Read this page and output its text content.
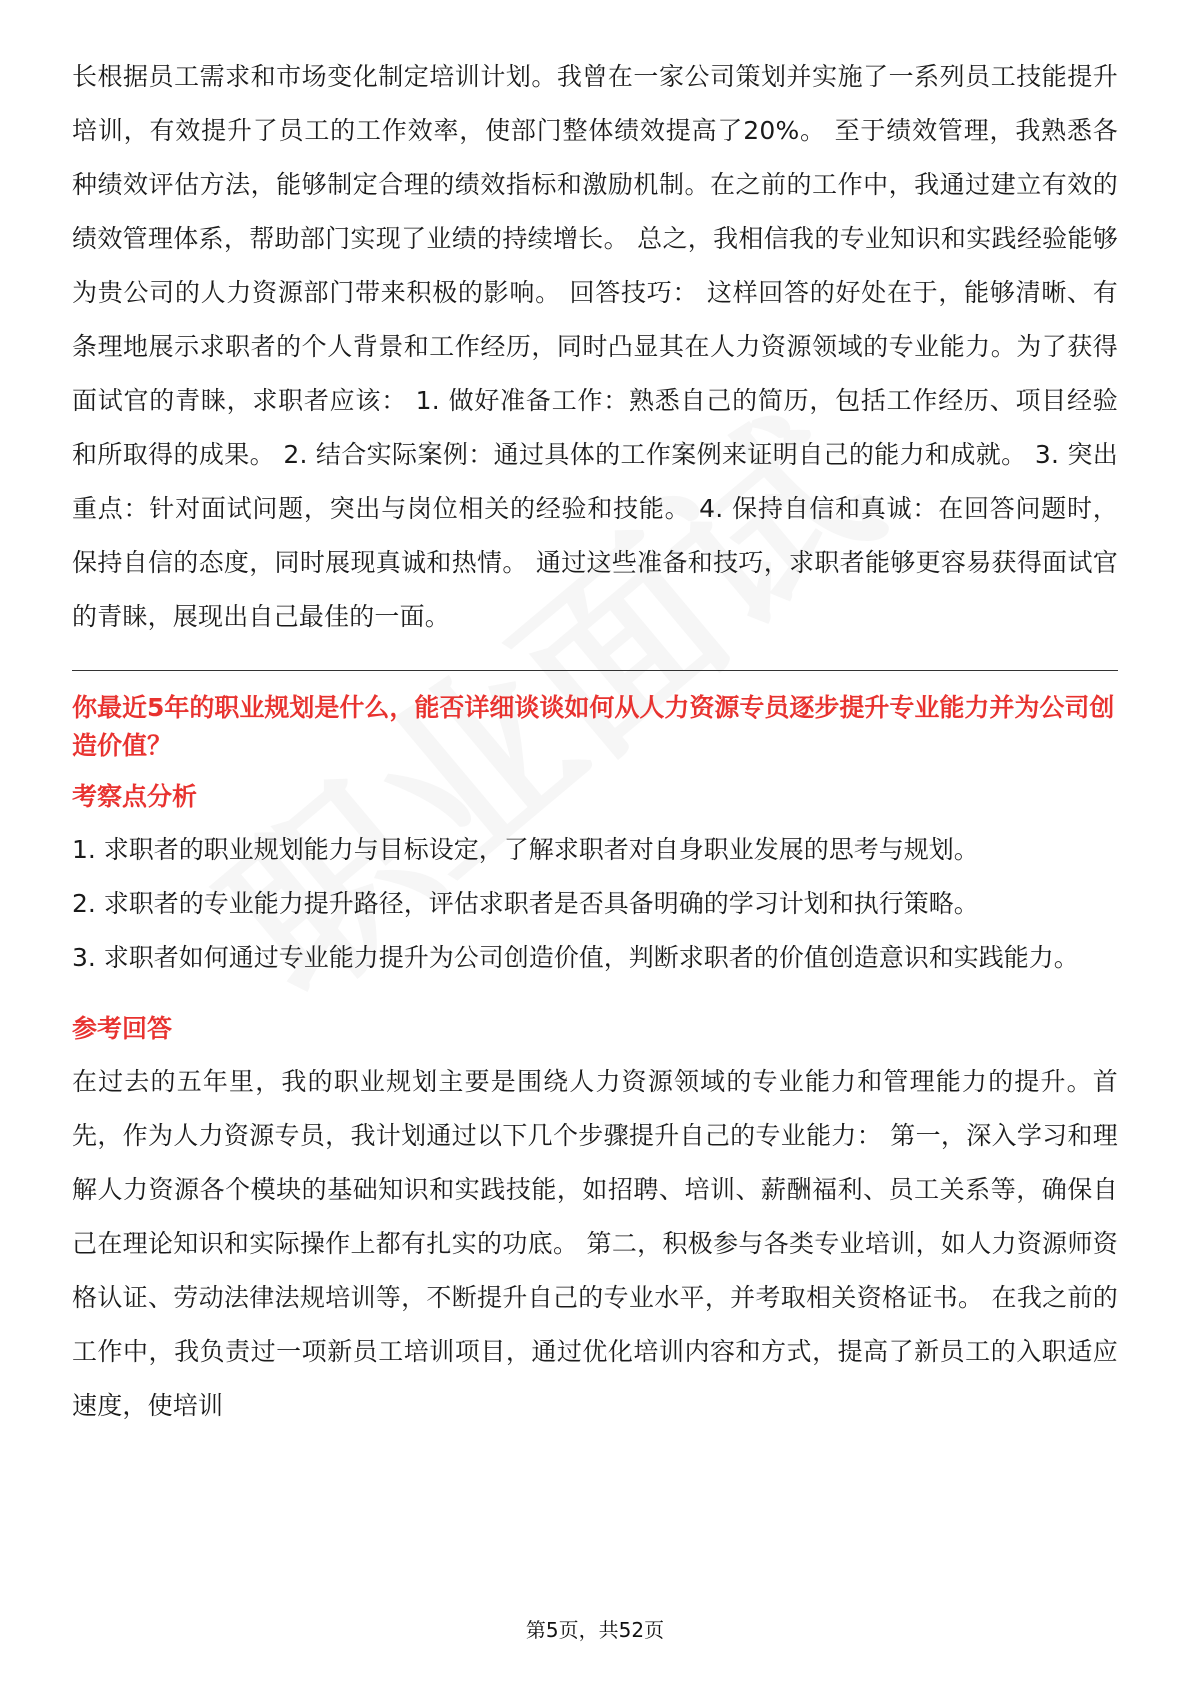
长根据员工需求和市场变化制定培训计划。我曾在一家公司策划并实施了一系列员工技能提升培训，有效提升了员工的工作效率，使部门整体绩效提高了20%。 至于绩效管理，我熟悉各种绩效评估方法，能够制定合理的绩效指标和激励机制。在之前的工作中，我通过建立有效的绩效管理体系，帮助部门实现了业绩的持续增长。 总之，我相信我的专业知识和实践经验能够为贵公司的人力资源部门带来积极的影响。 回答技巧： 这样回答的好处在于，能够清晰、有条理地展示求职者的个人背景和工作经历，同时凸显其在人力资源领域的专业能力。为了获得面试官的青睐，求职者应该： 1. 做好准备工作：熟悉自己的简历，包括工作经历、项目经验和所取得的成果。 2. 结合实际案例：通过具体的工作案例来证明自己的能力和成就。 3. 突出重点：针对面试问题，突出与岗位相关的经验和技能。 4. 保持自信和真诚：在回答问题时，保持自信的态度，同时展现真诚和热情。 通过这些准备和技巧，求职者能够更容易获得面试官的青睐，展现出自己最佳的一面。

你最近5年的职业规划是什么，能否详细谈谈如何从人力资源专员逐步提升专业能力并为公司创造价值？

考察点分析
1. 求职者的职业规划能力与目标设定，了解求职者对自身职业发展的思考与规划。
2. 求职者的专业能力提升路径，评估求职者是否具备明确的学习计划和执行策略。
3. 求职者如何通过专业能力提升为公司创造价值，判断求职者的价值创造意识和实践能力。
参考回答

在过去的五年里，我的职业规划主要是围绕人力资源领域的专业能力和管理能力的提升。首先，作为人力资源专员，我计划通过以下几个步骤提升自己的专业能力： 第一，深入学习和理解人力资源各个模块的基础知识和实践技能，如招聘、培训、薪酬福利、员工关系等，确保自己在理论知识和实际操作上都有扎实的功底。 第二，积极参与各类专业培训，如人力资源师资格认证、劳动法律法规培训等，不断提升自己的专业水平，并考取相关资格证书。 在我之前的工作中，我负责过一项新员工培训项目，通过优化培训内容和方式，提高了新员工的入职适应速度，使培训

第5页，共52页
